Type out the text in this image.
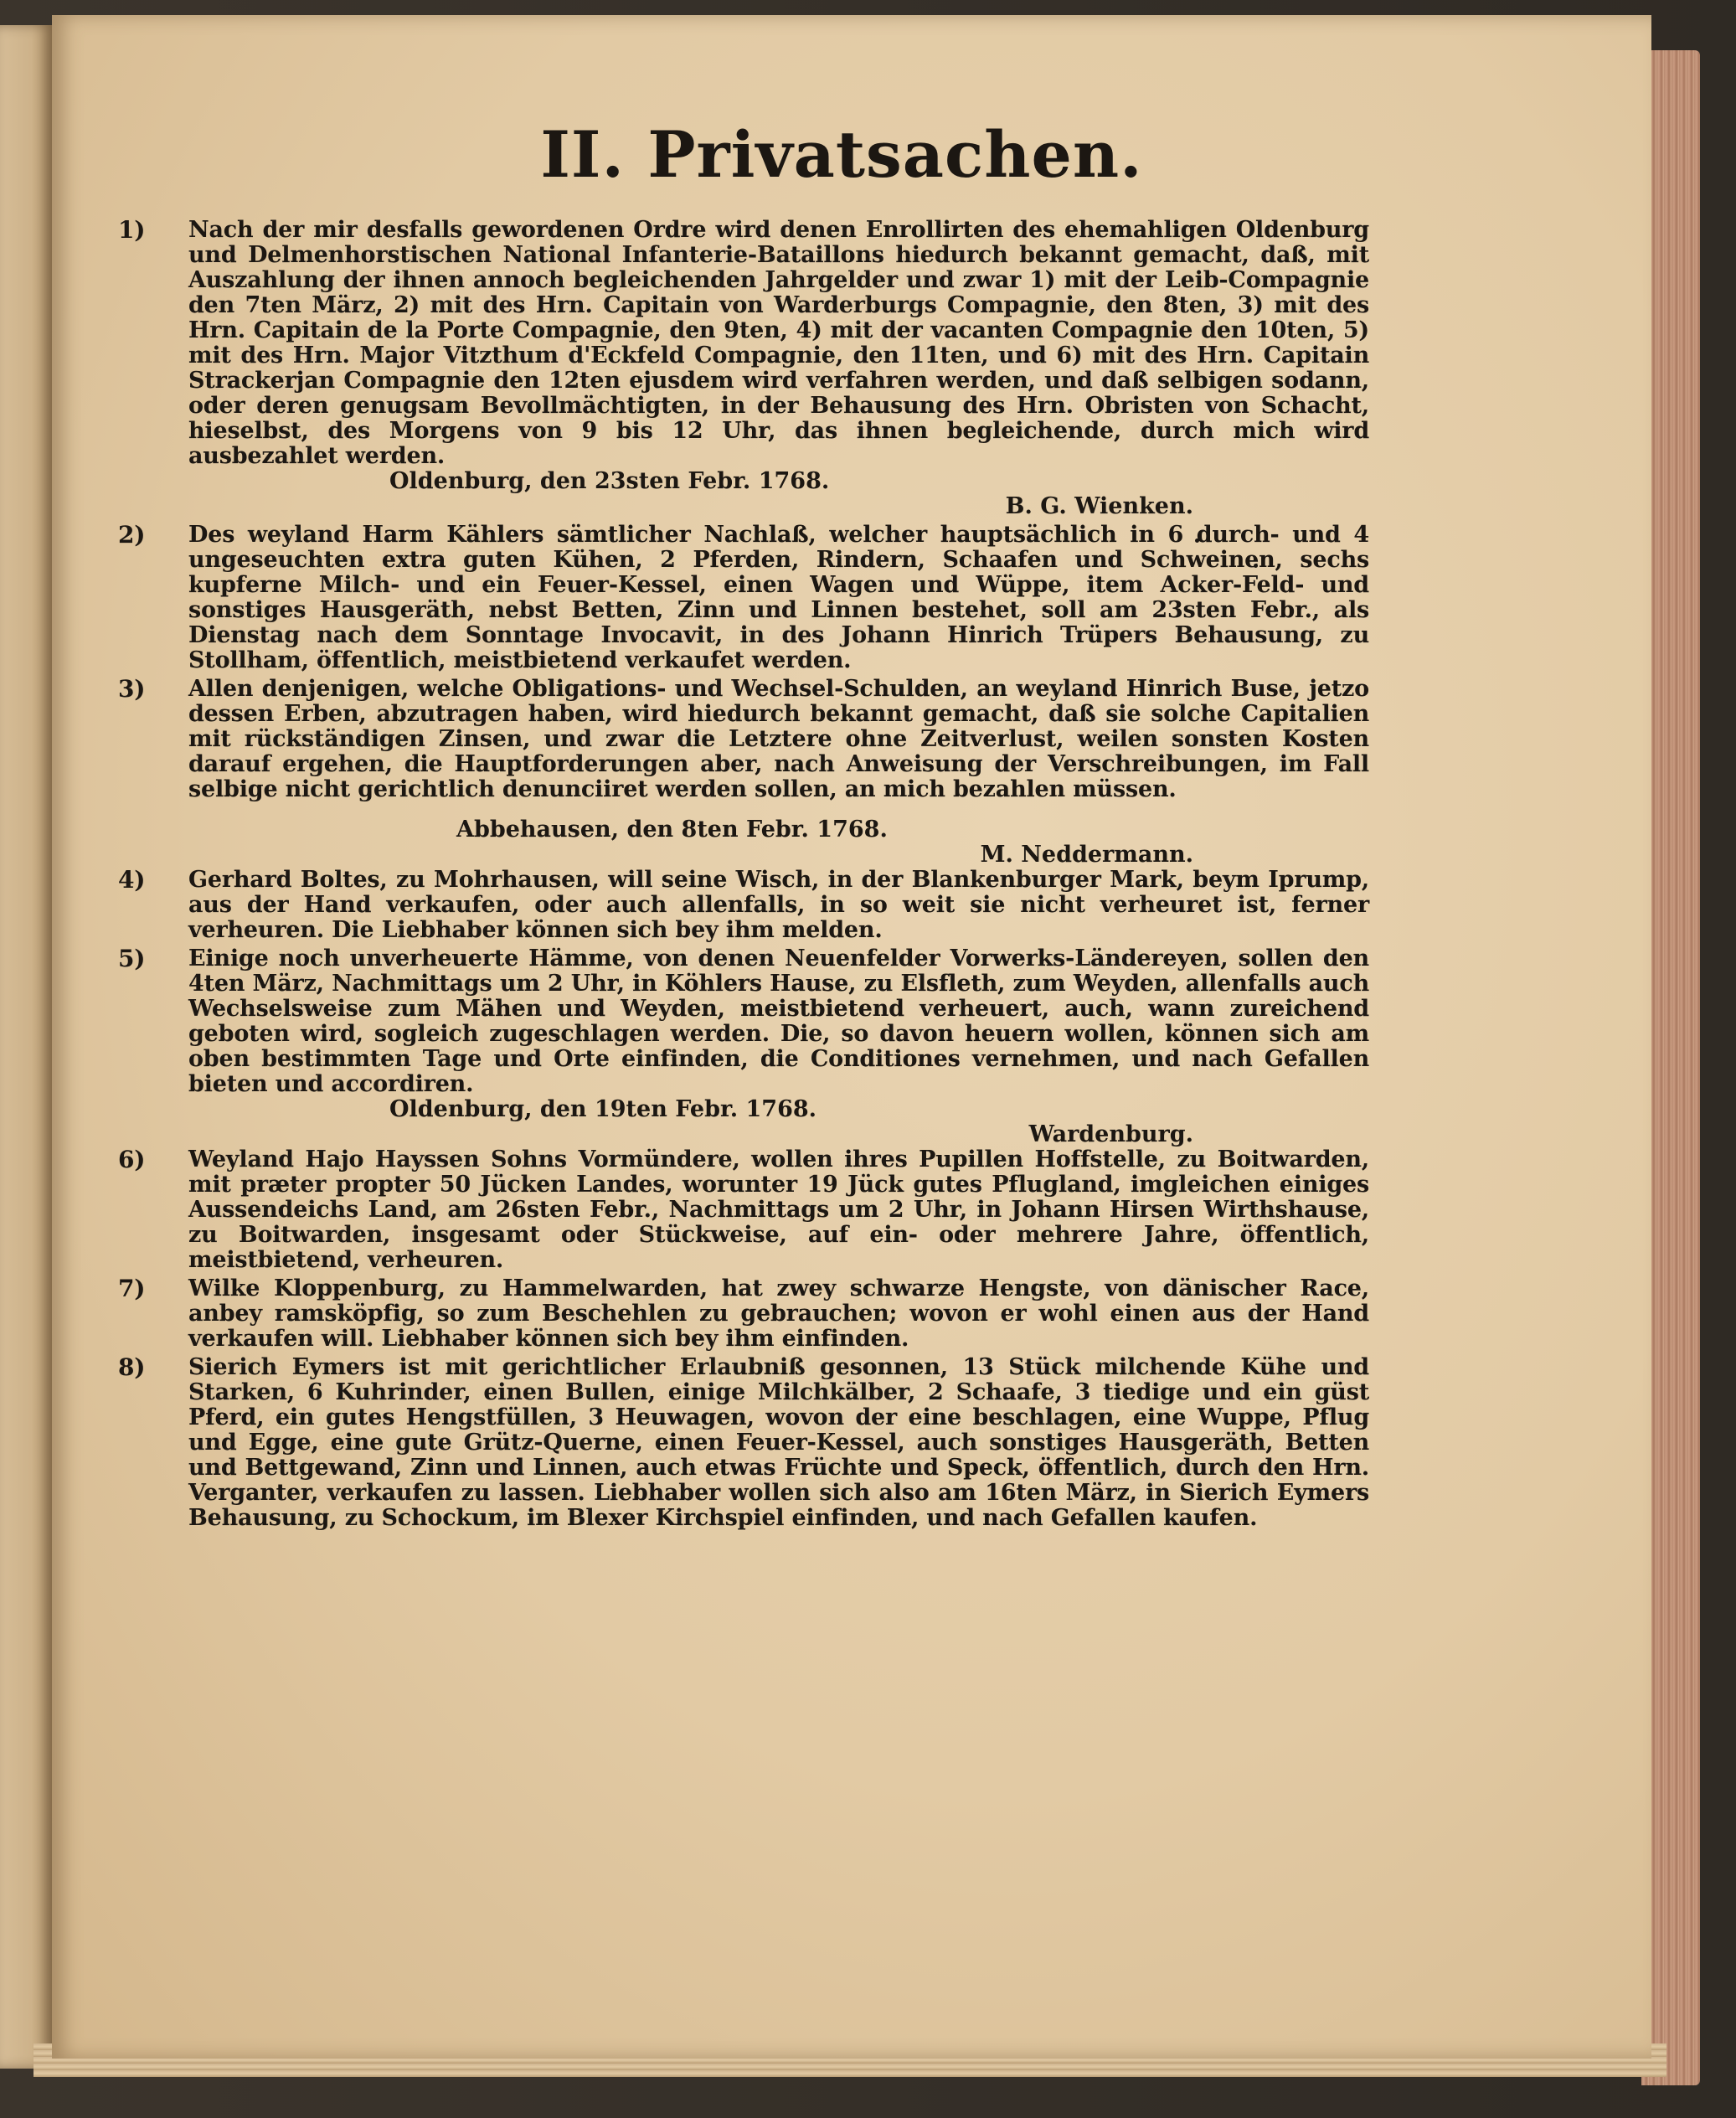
II. Privatsachen.
1) Nach der mir desfalls gewordenen Ordre wird denen Enrollirten des ehemahligen Oldenburg und Delmenhorstischen National Infanterie-Bataillons hiedurch bekannt gemacht, daß, mit Auszahlung der ihnen annoch begleichenden Jahrgelder und zwar 1) mit der Leib-Compagnie den 7ten März, 2) mit des Hrn. Capitain von Warderburgs Compagnie, den 8ten, 3) mit des Hrn. Capitain de la Porte Compagnie, den 9ten, 4) mit der vacanten Compagnie den 10ten, 5) mit des Hrn. Major Vitzthum d'Eckfeld Compagnie, den 11ten, und 6) mit des Hrn. Capitain Strackerjan Compagnie den 12ten ejusdem wird verfahren werden, und daß selbigen sodann, oder deren genugsam Bevollmächtigten, in der Behausung des Hrn. Obristen von Schacht, hieselbst, des Morgens von 9 bis 12 Uhr, das ihnen begleichende, durch mich wird ausbezahlet werden.

Oldenburg, den 23sten Febr. 1768.

B. G. Wienken.

2) Des weyland Harm Kählers sämtlicher Nachlaß, welcher hauptsächlich in 6 durch- und 4 ungeseuchten extra guten Kühen, 2 Pferden, Rindern, Schaafen und Schweinen, sechs kupferne Milch- und ein Feuer-Kessel, einen Wagen und Wüppe, item Acker-Feld- und sonstiges Hausgeräth, nebst Betten, Zinn und Linnen bestehet, soll am 23sten Febr., als Dienstag nach dem Sonntage Invocavit, in des Johann Hinrich Trüpers Behausung, zu Stollham, öffentlich, meistbietend verkaufet werden.
3) Allen denjenigen, welche Obligations- und Wechsel-Schulden, an weyland Hinrich Buse, jetzo dessen Erben, abzutragen haben, wird hiedurch bekannt gemacht, daß sie solche Capitalien mit rückständigen Zinsen, und zwar die Letztere ohne Zeitverlust, weilen sonsten Kosten darauf ergehen, die Hauptforderungen aber, nach Anweisung der Verschreibungen, im Fall selbige nicht gerichtlich denunciiret werden sollen, an mich bezahlen müssen.

Abbehausen, den 8ten Febr. 1768.

M. Neddermann.

4) Gerhard Boltes, zu Mohrhausen, will seine Wisch, in der Blankenburger Mark, beym Iprump, aus der Hand verkaufen, oder auch allenfalls, in so weit sie nicht verheuret ist, ferner verheuren. Die Liebhaber können sich bey ihm melden.
5) Einige noch unverheuerte Hämme, von denen Neuenfelder Vorwerks-Ländereyen, sollen den 4ten März, Nachmittags um 2 Uhr, in Köhlers Hause, zu Elsfleth, zum Weyden, allenfalls auch Wechselsweise zum Mähen und Weyden, meistbietend verheuert, auch, wann zureichend geboten wird, sogleich zugeschlagen werden. Die, so davon heuern wollen, können sich am oben bestimmten Tage und Orte einfinden, die Conditiones vernehmen, und nach Gefallen bieten und accordiren.

Oldenburg, den 19ten Febr. 1768.

Wardenburg.

6) Weyland Hajo Hayssen Sohns Vormündere, wollen ihres Pupillen Hoffstelle, zu Boitwarden, mit præter propter 50 Jücken Landes, worunter 19 Jück gutes Pflugland, imgleichen einiges Aussendeichs Land, am 26sten Febr., Nachmittags um 2 Uhr, in Johann Hirsen Wirthshause, zu Boitwarden, insgesamt oder Stückweise, auf ein- oder mehrere Jahre, öffentlich, meistbietend, verheuren.
7) Wilke Kloppenburg, zu Hammelwarden, hat zwey schwarze Hengste, von dänischer Race, anbey ramsköpfig, so zum Beschehlen zu gebrauchen; wovon er wohl einen aus der Hand verkaufen will. Liebhaber können sich bey ihm einfinden.
8) Sierich Eymers ist mit gerichtlicher Erlaubniß gesonnen, 13 Stück milchende Kühe und Starken, 6 Kuhrinder, einen Bullen, einige Milchkälber, 2 Schaafe, 3 tiedige und ein güst Pferd, ein gutes Hengstfüllen, 3 Heuwagen, wovon der eine beschlagen, eine Wuppe, Pflug und Egge, eine gute Grütz-Querne, einen Feuer-Kessel, auch sonstiges Hausgeräth, Betten und Bettgewand, Zinn und Linnen, auch etwas Früchte und Speck, öffentlich, durch den Hrn. Verganter, verkaufen zu lassen. Liebhaber wollen sich also am 16ten März, in Sierich Eymers Behausung, zu Schockum, im Blexer Kirchspiel einfinden, und nach Gefallen kaufen.
